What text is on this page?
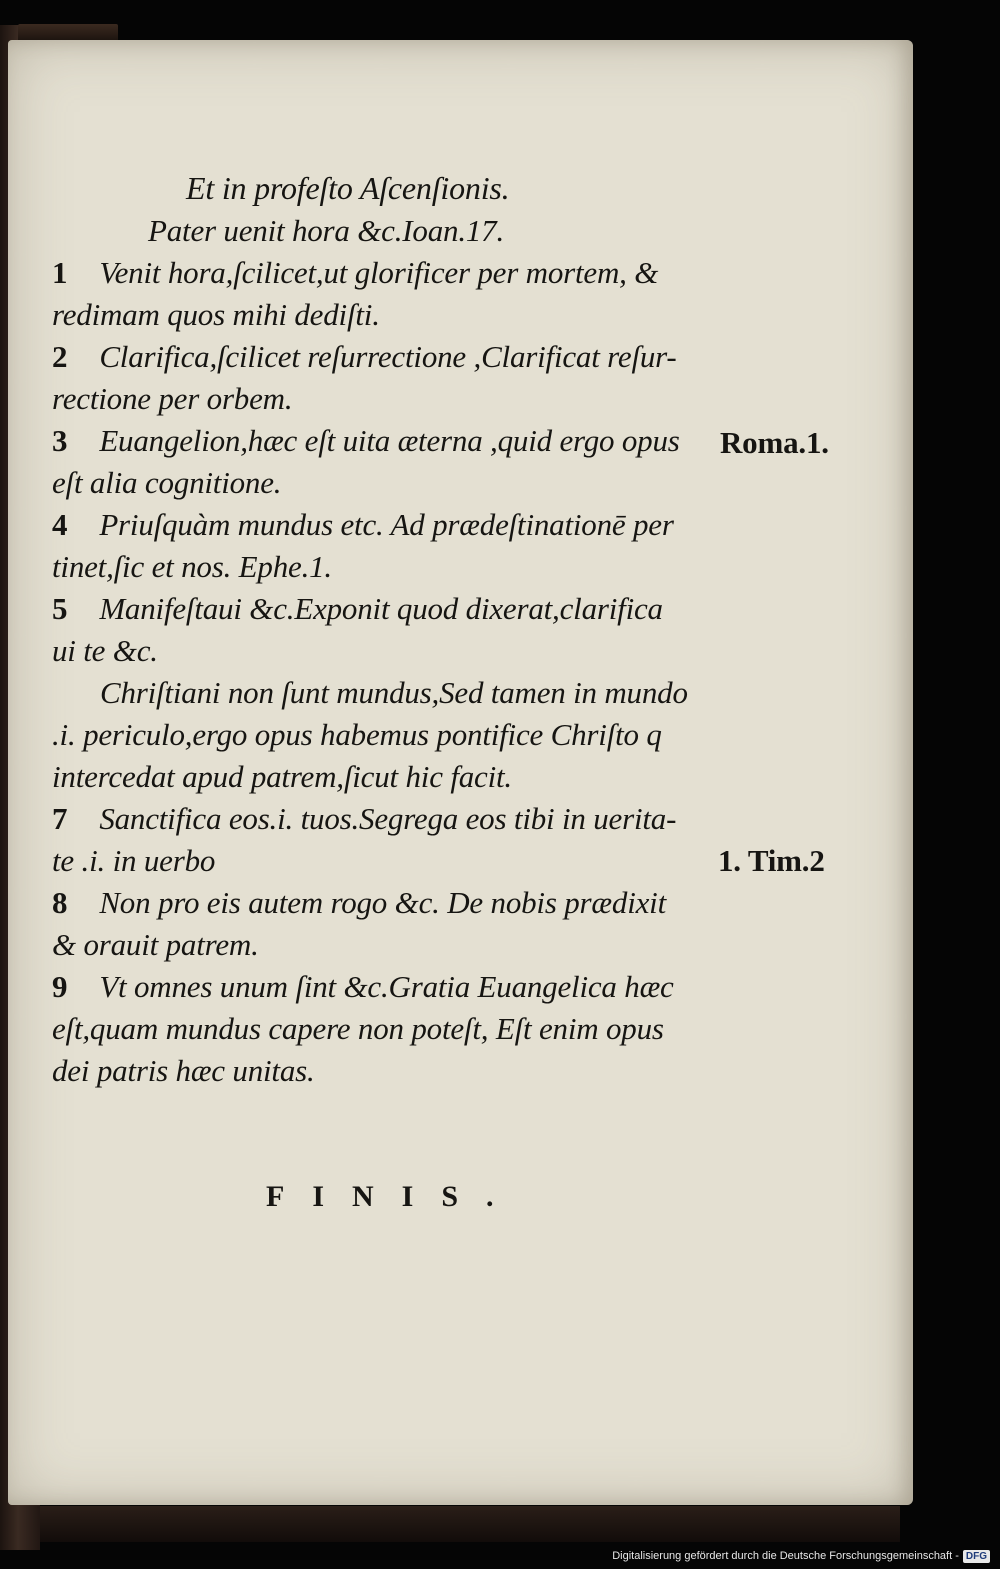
Et in profeſto Aſcenſionis.
Pater uenit hora &c.Ioan.17.
1 Venit hora,ſcilicet,ut glorificer per mortem, &
redimam quos mihi dediſti.
2 Clarifica,ſcilicet reſurrectione ,Clarificat reſur-
rectione per orbem.
3 Euangelion,hæc eſt uita æterna ,quid ergo opus
eſt alia cognitione.
4 Priuſquàm mundus etc. Ad prædeſtinationē per
tinet,ſic et nos. Ephe.1.
5 Manifeſtaui &c.Exponit quod dixerat,clarifica
ui te &c.
Chriſtiani non ſunt mundus,Sed tamen in mundo
.i. periculo,ergo opus habemus pontifice Chriſto q
intercedat apud patrem,ſicut hic facit.
7 Sanctifica eos.i. tuos.Segrega eos tibi in ueritа-
te .i. in uerbo
8 Non pro eis autem rogo &c. De nobis prædixit
& orauit patrem.
9 Vt omnes unum ſint &c.Gratia Euangelica hæc
eſt,quam mundus capere non poteſt, Eſt enim opus
dei patris hæc unitas.
Roma.1.
1. Tim.2
FINIS.
Digitalisierung gefördert durch die Deutsche Forschungsgemeinschaft - DFG
